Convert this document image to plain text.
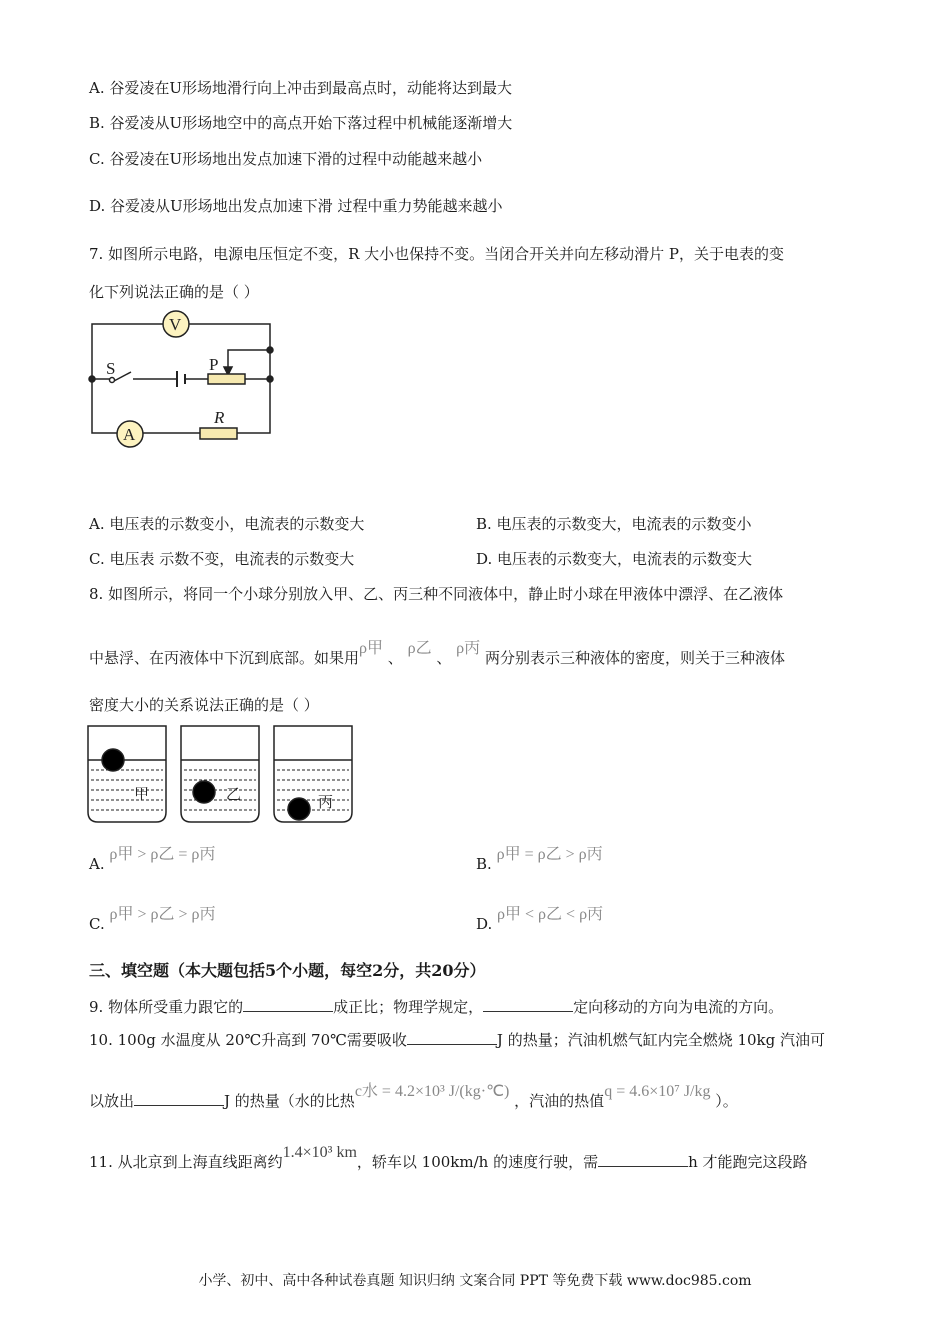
A. 谷爱凌在U形场地滑行向上冲击到最高点时，动能将达到最大
B. 谷爱凌从U形场地空中的高点开始下落过程中机械能逐渐增大
C. 谷爱凌在U形场地出发点加速下滑的过程中动能越来越小
D. 谷爱凌从U形场地出发点加速下滑 过程中重力势能越来越小
7. 如图所示电路，电源电压恒定不变，R 大小也保持不变。当闭合开关并向左移动滑片 P，关于电表的变
化下列说法正确的是（ ）
V
A
S	P
R
甲	乙	丙
A. 电压表的示数变小，电流表的示数变大	B. 电压表的示数变大，电流表的示数变小
C. 电压表 示数不变，电流表的示数变大	D. 电压表的示数变大，电流表的示数变大
8. 如图所示，将同一个小球分别放入甲、乙、丙三种不同液体中，静止时小球在甲液体中漂浮、在乙液体
中悬浮、在丙液体中下沉到底部。如果用ρ甲 、 ρ乙 、 ρ丙 两分别表示三种液体的密度，则关于三种液体
密度大小的关系说法正确的是（ ）
A. ρ甲 > ρ乙 = ρ丙
B. ρ甲 = ρ乙 > ρ丙
C. ρ甲 > ρ乙 > ρ丙
D. ρ甲 < ρ乙 < ρ丙
三、填空题（本大题包括5个小题，每空2分，共20分）
9. 物体所受重力跟它的	成正比；物理学规定，	定向移动的方向为电流的方向。
10. 100g 水温度从 20℃升高到 70℃需要吸收	J 的热量；汽油机燃气缸内完全燃烧 10kg 汽油可
以放出	J 的热量（水的比热c水 = 4.2×10³ J/(kg·℃) ，汽油的热值q = 4.6×10⁷ J/kg ）。
11. 从北京到上海直线距离约1.4×10³ km，轿车以 100km/h 的速度行驶，需	h 才能跑完这段路
小学、初中、高中各种试卷真题 知识归纳 文案合同 PPT 等免费下载 www.doc985.com
